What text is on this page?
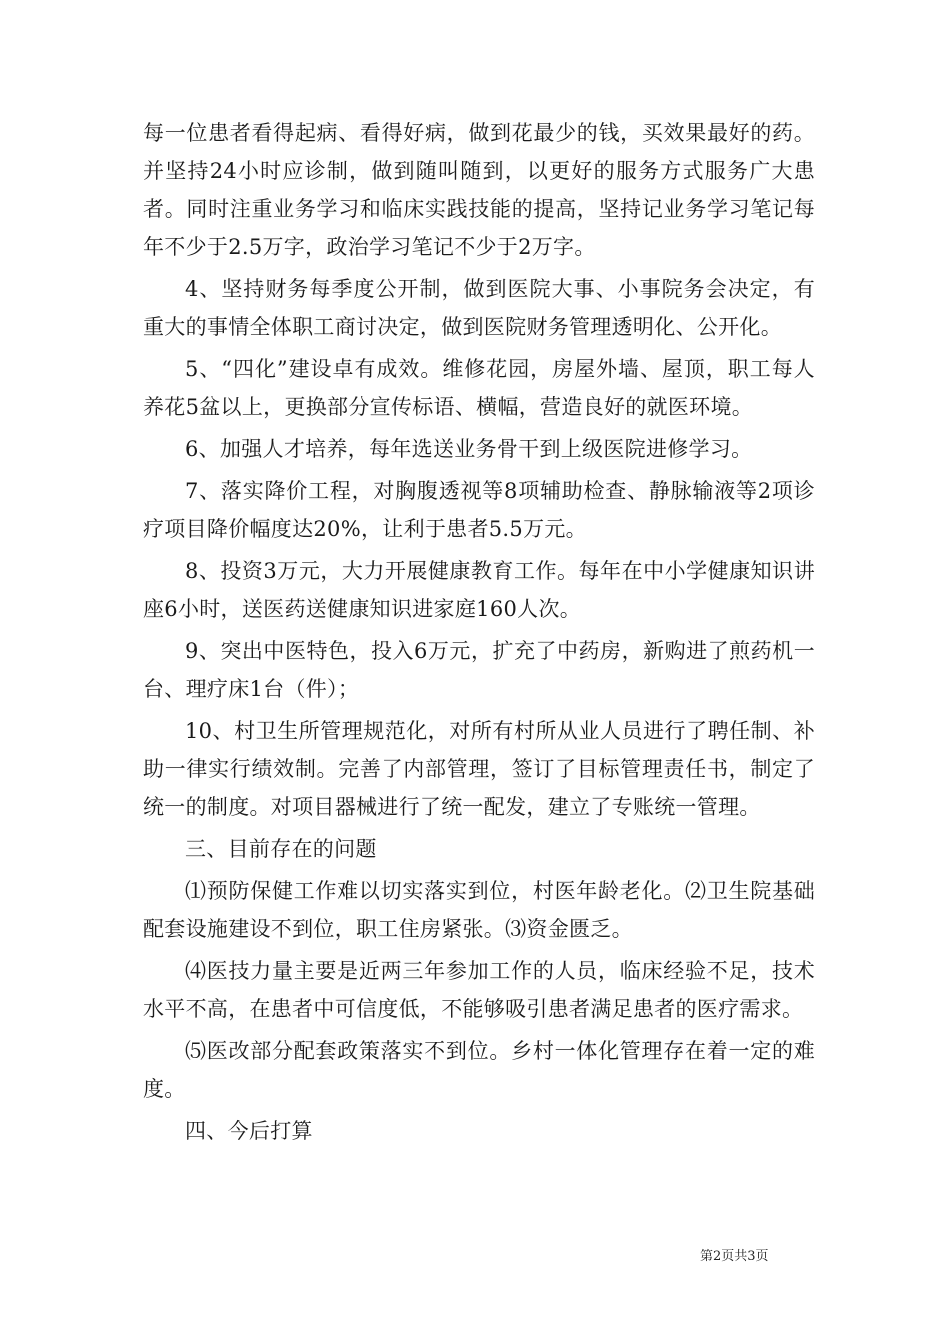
每一位患者看得起病、看得好病，做到花最少的钱，买效果最好的药。并坚持24小时应诊制，做到随叫随到，以更好的服务方式服务广大患者。同时注重业务学习和临床实践技能的提高，坚持记业务学习笔记每年不少于2.5万字，政治学习笔记不少于2万字。

4、坚持财务每季度公开制，做到医院大事、小事院务会决定，有重大的事情全体职工商讨决定，做到医院财务管理透明化、公开化。

5、“四化”建设卓有成效。维修花园，房屋外墙、屋顶，职工每人养花5盆以上，更换部分宣传标语、横幅，营造良好的就医环境。

6、加强人才培养，每年选送业务骨干到上级医院进修学习。

7、落实降价工程，对胸腹透视等8项辅助检查、静脉输液等2项诊疗项目降价幅度达20%，让利于患者5.5万元。

8、投资3万元，大力开展健康教育工作。每年在中小学健康知识讲座6小时，送医药送健康知识进家庭160人次。

9、突出中医特色，投入6万元，扩充了中药房，新购进了煎药机一台、理疗床1台（件）；

10、村卫生所管理规范化，对所有村所从业人员进行了聘任制、补助一律实行绩效制。完善了内部管理，签订了目标管理责任书，制定了统一的制度。对项目器械进行了统一配发，建立了专账统一管理。

三、目前存在的问题

⑴预防保健工作难以切实落实到位，村医年龄老化。⑵卫生院基础配套设施建设不到位，职工住房紧张。⑶资金匮乏。

⑷医技力量主要是近两三年参加工作的人员，临床经验不足，技术水平不高，在患者中可信度低，不能够吸引患者满足患者的医疗需求。

⑸医改部分配套政策落实不到位。乡村一体化管理存在着一定的难度。

四、今后打算

第2页共3页
